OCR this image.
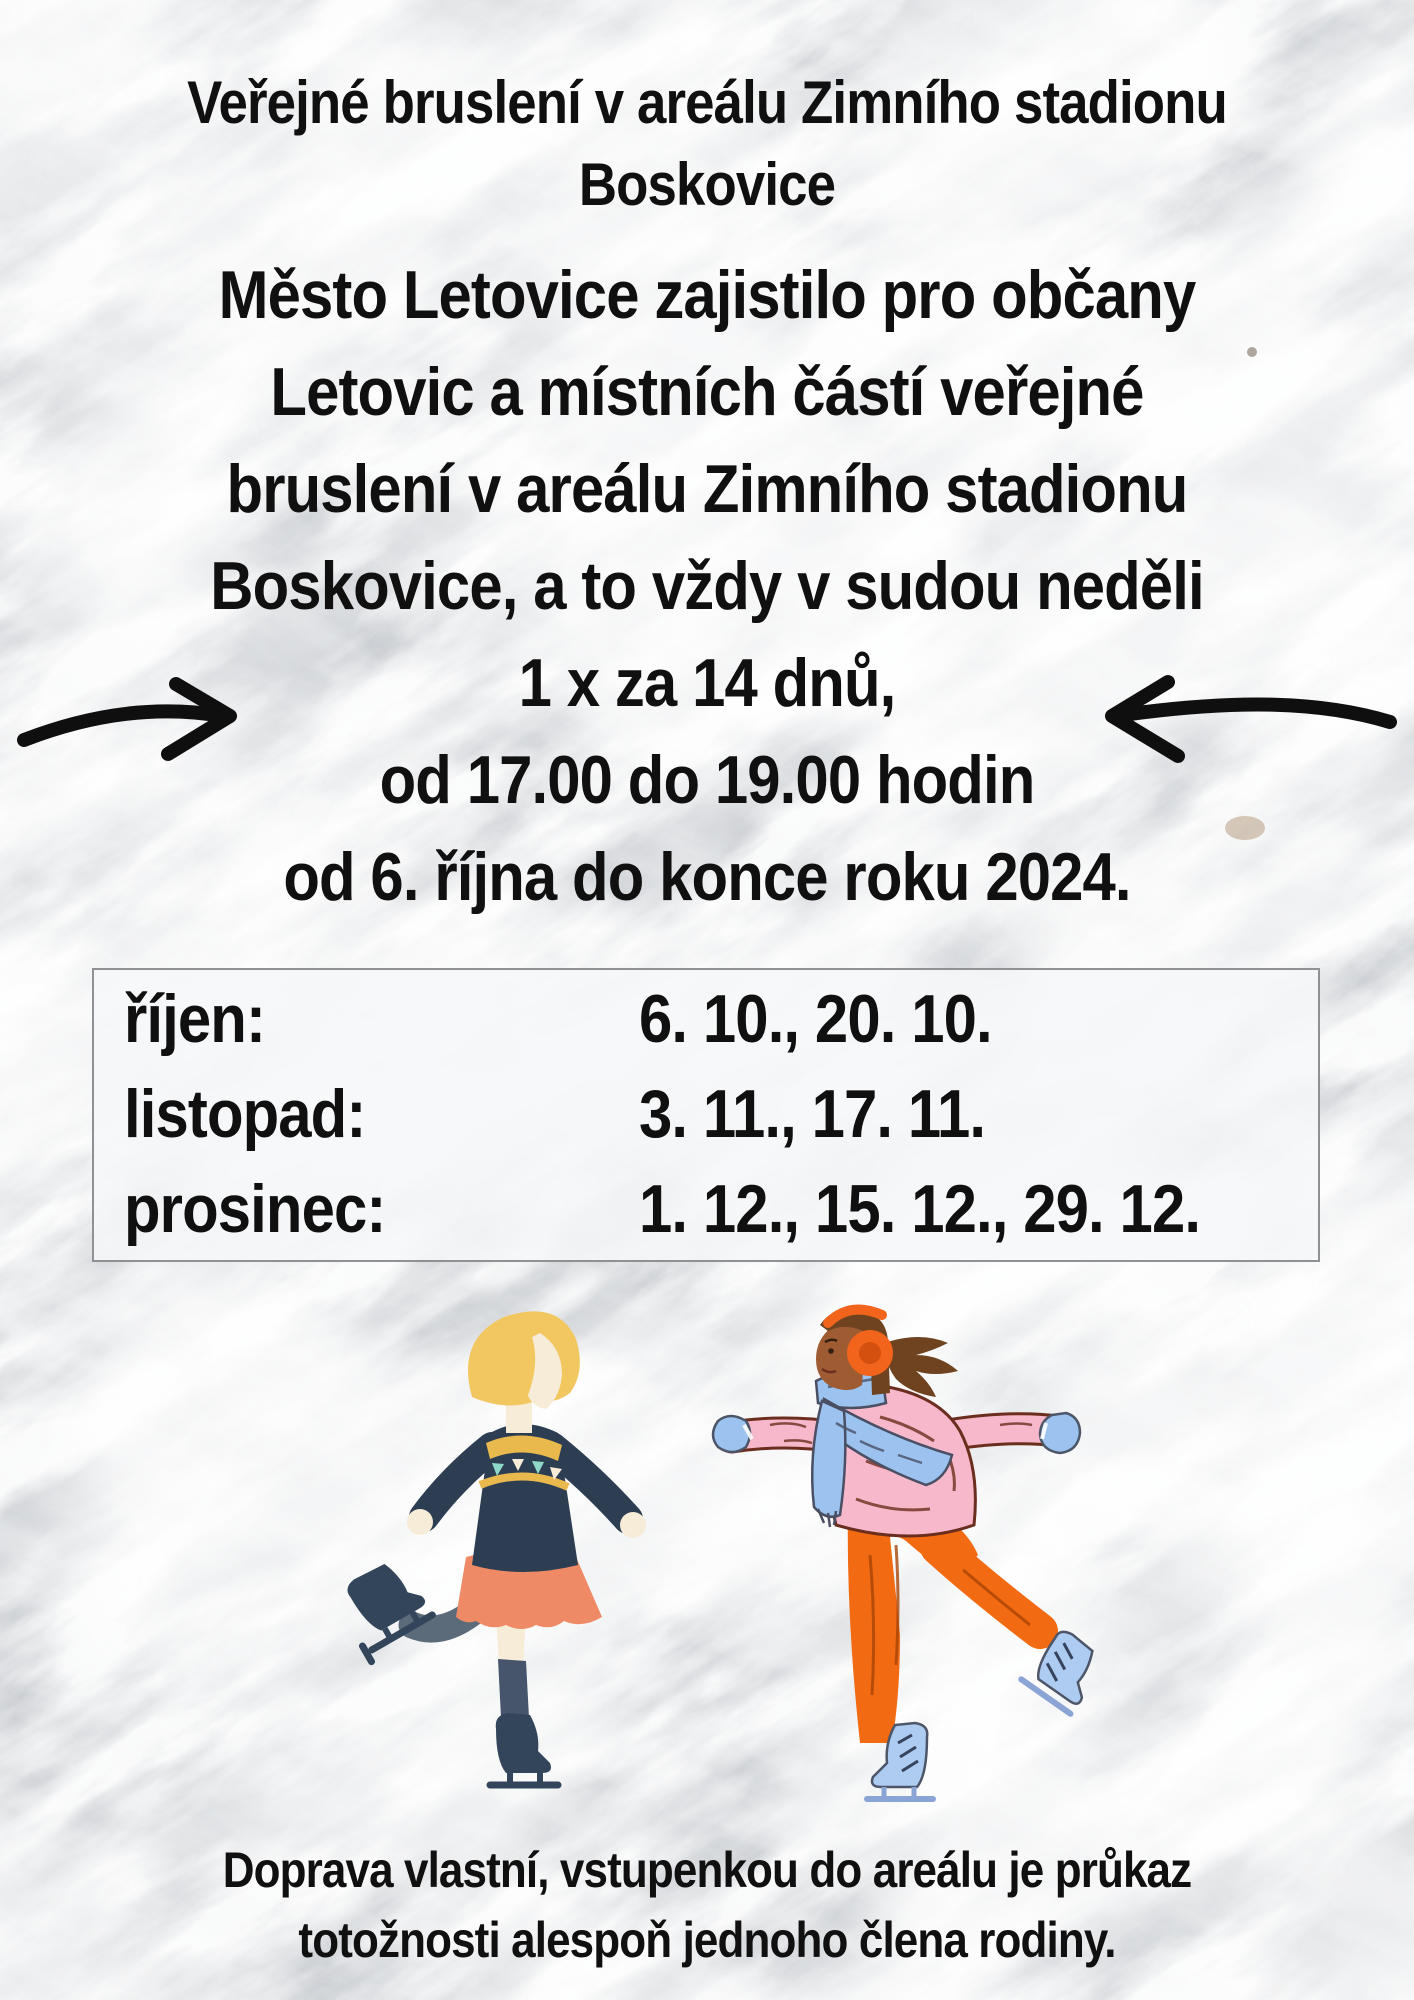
Veřejné bruslení v areálu Zimního stadionu
Boskovice
Město Letovice zajistilo pro občany
Letovic a místních částí veřejné
bruslení v areálu Zimního stadionu
Boskovice, a to vždy v sudou neděli
1 x za 14 dnů,
od 17.00 do 19.00 hodin
od 6. října do konce roku 2024.
říjen:	6. 10., 20. 10.
listopad:	3. 11., 17. 11.
prosinec:	1. 12., 15. 12., 29. 12.
Doprava vlastní, vstupenkou do areálu je průkaz
totožnosti alespoň jednoho člena rodiny.
